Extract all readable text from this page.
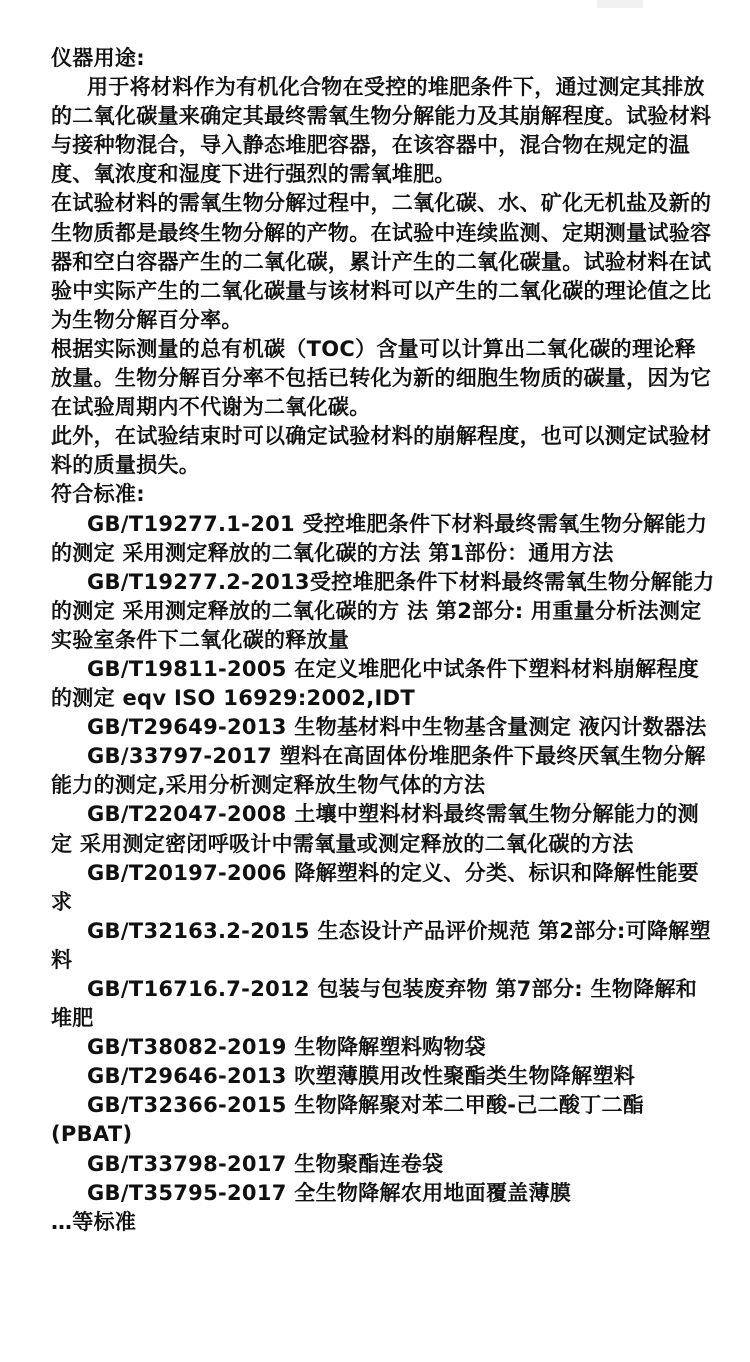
仪器用途:

用于将材料作为有机化合物在受控的堆肥条件下，通过测定其排放的二氧化碳量来确定其最终需氧生物分解能力及其崩解程度。试验材料与接种物混合，导入静态堆肥容器，在该容器中，混合物在规定的温度、氧浓度和湿度下进行强烈的需氧堆肥。

在试验材料的需氧生物分解过程中，二氧化碳、水、矿化无机盐及新的生物质都是最终生物分解的产物。在试验中连续监测、定期测量试验容器和空白容器产生的二氧化碳，累计产生的二氧化碳量。试验材料在试验中实际产生的二氧化碳量与该材料可以产生的二氧化碳的理论值之比为生物分解百分率。

根据实际测量的总有机碳（TOC）含量可以计算出二氧化碳的理论释放量。生物分解百分率不包括已转化为新的细胞生物质的碳量，因为它在试验周期内不代谢为二氧化碳。

此外，在试验结束时可以确定试验材料的崩解程度，也可以测定试验材料的质量损失。

符合标准:

GB/T19277.1-201 受控堆肥条件下材料最终需氧生物分解能力的测定 采用测定释放的二氧化碳的方法 第1部份：通用方法
GB/T19277.2-2013受控堆肥条件下材料最终需氧生物分解能力的测定 采用测定释放的二氧化碳的方 法 第2部分: 用重量分析法测定实验室条件下二氧化碳的释放量
GB/T19811-2005 在定义堆肥化中试条件下塑料材料崩解程度的测定 eqv ISO 16929:2002,IDT
GB/T29649-2013 生物基材料中生物基含量测定 液闪计数器法
GB/33797-2017 塑料在高固体份堆肥条件下最终厌氧生物分解能力的测定,采用分析测定释放生物气体的方法
GB/T22047-2008 土壤中塑料材料最终需氧生物分解能力的测定 采用测定密闭呼吸计中需氧量或测定释放的二氧化碳的方法
GB/T20197-2006 降解塑料的定义、分类、标识和降解性能要求
GB/T32163.2-2015 生态设计产品评价规范 第2部分:可降解塑料
GB/T16716.7-2012 包装与包装废弃物 第7部分: 生物降解和堆肥
GB/T38082-2019 生物降解塑料购物袋
GB/T29646-2013 吹塑薄膜用改性聚酯类生物降解塑料
GB/T32366-2015 生物降解聚对苯二甲酸-己二酸丁二酯(PBAT)
GB/T33798-2017 生物聚酯连卷袋
GB/T35795-2017 全生物降解农用地面覆盖薄膜

…等标准
